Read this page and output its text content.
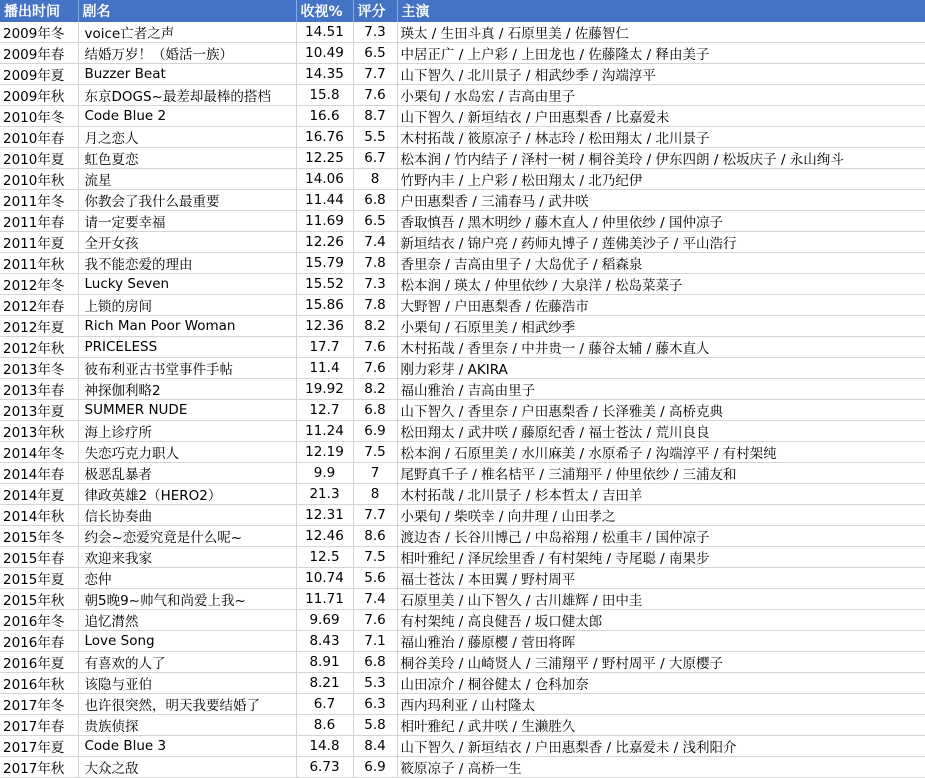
播出时间	剧名	收视%	评分	主演
2009年冬	voice亡者之声	14.51	7.3	瑛太 / 生田斗真 / 石原里美 / 佐藤智仁
2009年春	结婚万岁！（婚活一族）	10.49	6.5	中居正广 / 上户彩 / 上田龙也 / 佐藤隆太 / 释由美子
2009年夏	Buzzer Beat	14.35	7.7	山下智久 / 北川景子 / 相武纱季 / 沟端淳平
2009年秋	东京DOGS~最差却最棒的搭档	15.8	7.6	小栗旬 / 水岛宏 / 吉高由里子
2010年冬	Code Blue 2	16.6	8.7	山下智久 / 新垣结衣 / 户田惠梨香 / 比嘉爱未
2010年春	月之恋人	16.76	5.5	木村拓哉 / 筱原凉子 / 林志玲 / 松田翔太 / 北川景子
2010年夏	虹色夏恋	12.25	6.7	松本润 / 竹内结子 / 泽村一树 / 桐谷美玲 / 伊东四朗 / 松坂庆子 / 永山绚斗
2010年秋	流星	14.06	8	竹野内丰 / 上户彩 / 松田翔太 / 北乃纪伊
2011年冬	你教会了我什么最重要	11.44	6.8	户田惠梨香 / 三浦春马 / 武井咲
2011年春	请一定要幸福	11.69	6.5	香取慎吾 / 黑木明纱 / 藤木直人 / 仲里依纱 / 国仲凉子
2011年夏	全开女孩	12.26	7.4	新垣结衣 / 锦户亮 / 药师丸博子 / 莲佛美沙子 / 平山浩行
2011年秋	我不能恋爱的理由	15.79	7.8	香里奈 / 吉高由里子 / 大岛优子 / 稻森泉
2012年冬	Lucky Seven	15.52	7.3	松本润 / 瑛太 / 仲里依纱 / 大泉洋 / 松岛菜菜子
2012年春	上锁的房间	15.86	7.8	大野智 / 户田惠梨香 / 佐藤浩市
2012年夏	Rich Man Poor Woman	12.36	8.2	小栗旬 / 石原里美 / 相武纱季
2012年秋	PRICELESS	17.7	7.6	木村拓哉 / 香里奈 / 中井贵一 / 藤谷太辅 / 藤木直人
2013年冬	彼布利亚古书堂事件手帖	11.4	7.6	刚力彩芽 / AKIRA
2013年春	神探伽利略2	19.92	8.2	福山雅治 / 吉高由里子
2013年夏	SUMMER NUDE	12.7	6.8	山下智久 / 香里奈 / 户田惠梨香 / 长泽雅美 / 高桥克典
2013年秋	海上诊疗所	11.24	6.9	松田翔太 / 武井咲 / 藤原纪香 / 福士苍汰 / 荒川良良
2014年冬	失恋巧克力职人	12.19	7.5	松本润 / 石原里美 / 水川麻美 / 水原希子 / 沟端淳平 / 有村架纯
2014年春	极恶乱暴者	9.9	7	尾野真千子 / 椎名桔平 / 三浦翔平 / 仲里依纱 / 三浦友和
2014年夏	律政英雄2（HERO2）	21.3	8	木村拓哉 / 北川景子 / 杉本哲太 / 吉田羊
2014年秋	信长协奏曲	12.31	7.7	小栗旬 / 柴咲幸 / 向井理 / 山田孝之
2015年冬	约会~恋爱究竟是什么呢~	12.46	8.6	渡边杏 / 长谷川博己 / 中岛裕翔 / 松重丰 / 国仲凉子
2015年春	欢迎来我家	12.5	7.5	相叶雅纪 / 泽尻绘里香 / 有村架纯 / 寺尾聪 / 南果步
2015年夏	恋仲	10.74	5.6	福士苍汰 / 本田翼 / 野村周平
2015年秋	朝5晚9~帅气和尚爱上我~	11.71	7.4	石原里美 / 山下智久 / 古川雄辉 / 田中圭
2016年冬	追忆潸然	9.69	7.6	有村架纯 / 高良健吾 / 坂口健太郎
2016年春	Love Song	8.43	7.1	福山雅治 / 藤原樱 / 菅田将晖
2016年夏	有喜欢的人了	8.91	6.8	桐谷美玲 / 山崎贤人 / 三浦翔平 / 野村周平 / 大原樱子
2016年秋	该隐与亚伯	8.21	5.3	山田凉介 / 桐谷健太 / 仓科加奈
2017年冬	也许很突然，明天我要结婚了	6.7	6.3	西内玛利亚 / 山村隆太
2017年春	贵族侦探	8.6	5.8	相叶雅纪 / 武井咲 / 生濑胜久
2017年夏	Code Blue 3	14.8	8.4	山下智久 / 新垣结衣 / 户田惠梨香 / 比嘉爱未 / 浅利阳介
2017年秋	大众之敌	6.73	6.9	筱原凉子 / 高桥一生
